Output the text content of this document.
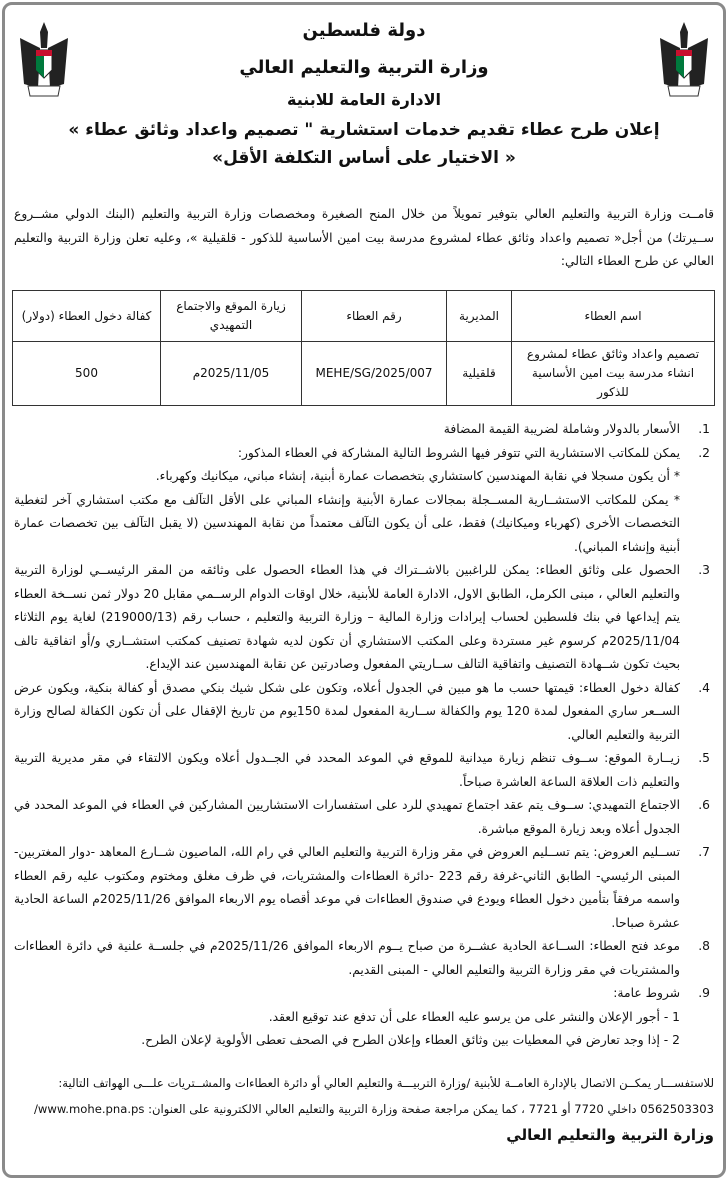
دولة فلسطين
وزارة التربية والتعليم العالي
الادارة العامة للابنية
إعلان طرح عطاء تقديم خدمات استشارية " تصميم واعداد وثائق عطاء »
« الاختيار على أساس التكلفة الأقل»
قامــت وزارة التربية والتعليم العالي بتوفير تمويلاً من خلال المنح الصغيرة ومخصصات وزارة التربية والتعليم (البنك الدولي مشــروع ســيرتك) من أجل« تصميم واعداد وثائق عطاء لمشروع مدرسة بيت امين الأساسية للذكور - قلقيلية »، وعليه تعلن وزارة التربية والتعليم العالي عن طرح العطاء التالي:
اسم العطاء	المديرية	رقم العطاء	زيارة الموقع والاجتماع التمهيدي	كفالة دخول العطاء (دولار)
تصميم واعداد وثائق عطاء لمشروع انشاء مدرسة بيت امين الأساسية للذكور	قلقيلية	MEHE/SG/2025/007	2025/11/05م	500
1.
الأسعار بالدولار وشاملة لضريبة القيمة المضافة
2.
يمكن للمكاتب الاستشارية التي تتوفر فيها الشروط التالية المشاركة في العطاء المذكور:
* أن يكون مسجلا في نقابة المهندسين كاستشاري بتخصصات عمارة أبنية، إنشاء مباني، ميكانيك وكهرباء.
* يمكن للمكاتب الاستشــارية المســجلة بمجالات عمارة الأبنية وإنشاء المباني على الأقل التآلف مع مكتب استشاري آخر لتغطية التخصصات الأخرى (كهرباء وميكانيك) فقط، على أن يكون التآلف معتمداً من نقابة المهندسين (لا يقبل التآلف بين تخصصات عمارة أبنية وإنشاء المباني).
3.
الحصول على وثائق العطاء: يمكن للراغبين بالاشــتراك في هذا العطاء الحصول على وثائقه من المقر الرئيســي لوزارة التربية والتعليم العالي ، مبنى الكرمل، الطابق الاول، الادارة العامة للأبنية، خلال اوقات الدوام الرســمي مقابل 20 دولار ثمن نســخة العطاء يتم إيداعها في بنك فلسطين لحساب إيرادات وزارة المالية – وزارة التربية والتعليم ، حساب رقم (219000/13) لغاية يوم الثلاثاء 2025/11/04م كرسوم غير مستردة وعلى المكتب الاستشاري أن تكون لديه شهادة تصنيف كمكتب استشــاري و/أو اتفاقية تالف بحيث تكون شــهادة التصنيف واتفاقية التالف ســاريتي المفعول وصادرتين عن نقابة المهندسين عند الإيداع.
4.
كفالة دخول العطاء: قيمتها حسب ما هو مبين في الجدول أعلاه، وتكون على شكل شيك بنكي مصدق أو كفالة بنكية، ويكون عرض الســعر ساري المفعول لمدة 120 يوم والكفالة ســارية المفعول لمدة 150يوم من تاريخ الإقفال على أن تكون الكفالة لصالح وزارة التربية والتعليم العالي.
5.
زيــارة الموقع: ســوف تنظم زيارة ميدانية للموقع في الموعد المحدد في الجــدول أعلاه ويكون الالتقاء في مقر مديرية التربية والتعليم ذات العلاقة الساعة العاشرة صباحاً.
6.
الاجتماع التمهيدي: ســوف يتم عقد اجتماع تمهيدي للرد على استفسارات الاستشاريين المشاركين في العطاء في الموعد المحدد في الجدول أعلاه وبعد زيارة الموقع مباشرة.
7.
تســليم العروض: يتم تســليم العروض في مقر وزارة التربية والتعليم العالي في رام الله، الماصيون شــارع المعاهد -دوار المغتربين-المبنى الرئيسي- الطابق الثاني-غرفة رقم 223 -دائرة العطاءات والمشتريات، في ظرف مغلق ومختوم ومكتوب عليه رقم العطاء واسمه مرفقاً بتأمين دخول العطاء ويودع في صندوق العطاءات في موعد أقصاه يوم الاربعاء الموافق 2025/11/26م الساعة الحادية عشرة صباحا.
8.
موعد فتح العطاء: الســاعة الحادية عشــرة من صباح يــوم الاربعاء الموافق 2025/11/26م في جلســة علنية في دائرة العطاءات والمشتريات في مقر وزارة التربية والتعليم العالي - المبنى القديم.
9.
شروط عامة:
1 - أجور الإعلان والنشر على من يرسو عليه العطاء على أن تدفع عند توقيع العقد.
2 - إذا وجد تعارض في المعطيات بين وثائق العطاء وإعلان الطرح في الصحف تعطى الأولوية لإعلان الطرح.
للاستفســـار يمكــن الاتصال بالإدارة العامــة للأبنية /وزارة التربيـــة والتعليم العالي أو دائرة العطاءات والمشــتريات علـــى الهواتف التالية:
0562503303 داخلي 7720 أو 7721 ، كما يمكن مراجعة صفحة وزارة التربية والتعليم العالي الالكترونية على العنوان: www.mohe.pna.ps/
وزارة التربية والتعليم العالي
